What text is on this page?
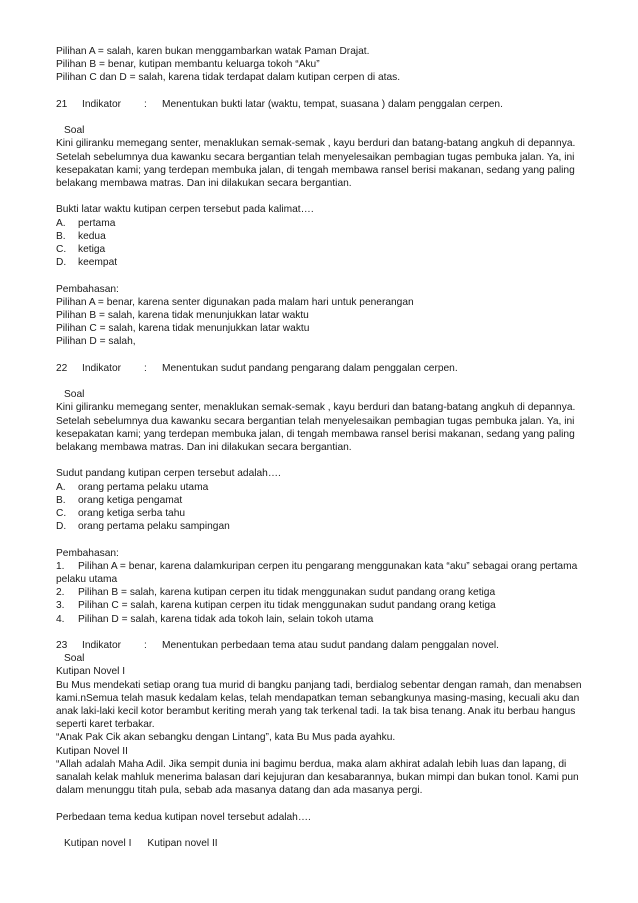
Pilihan A = salah, karen bukan menggambarkan watak Paman Drajat.
Pilihan B = benar, kutipan membantu keluarga tokoh “Aku”
Pilihan C dan D = salah, karena tidak terdapat dalam kutipan cerpen di atas.
21	Indikator	:	Menentukan bukti latar (waktu, tempat, suasana ) dalam penggalan cerpen.
Soal
Kini giliranku memegang senter, menaklukan semak-semak , kayu berduri dan batang-batang angkuh di depannya.
Setelah sebelumnya dua kawanku secara bergantian telah menyelesaikan pembagian tugas pembuka jalan. Ya, ini
kesepakatan kami; yang terdepan membuka jalan, di tengah membawa ransel berisi makanan, sedang yang paling
belakang membawa matras. Dan ini dilakukan secara bergantian.
Bukti latar waktu kutipan cerpen tersebut pada kalimat….
A.	pertama
B.	kedua
C.	ketiga
D.	keempat
Pembahasan:
Pilihan A = benar, karena senter digunakan pada malam hari untuk penerangan
Pilihan B = salah, karena tidak menunjukkan latar waktu
Pilihan C = salah, karena tidak menunjukkan latar waktu
Pilihan D = salah,
22	Indikator	:	Menentukan sudut pandang pengarang dalam penggalan cerpen.
Soal
Kini giliranku memegang senter, menaklukan semak-semak , kayu berduri dan batang-batang angkuh di depannya.
Setelah sebelumnya dua kawanku secara bergantian telah menyelesaikan pembagian tugas pembuka jalan. Ya, ini
kesepakatan kami; yang terdepan membuka jalan, di tengah membawa ransel berisi makanan, sedang yang paling
belakang membawa matras. Dan ini dilakukan secara bergantian.
Sudut pandang kutipan cerpen tersebut adalah….
A.	orang pertama pelaku utama
B.	orang ketiga pengamat
C.	orang ketiga serba tahu
D.	orang pertama pelaku sampingan
Pembahasan:
1.	Pilihan A = benar, karena dalamkuripan cerpen itu pengarang menggunakan kata “aku” sebagai orang pertama
pelaku utama
2.	Pilihan B = salah, karena kutipan cerpen itu tidak menggunakan sudut pandang orang ketiga
3.	Pilihan C = salah, karena kutipan cerpen itu tidak menggunakan sudut pandang orang ketiga
4.	Pilihan D = salah, karena tidak ada tokoh lain, selain tokoh utama
23	Indikator	:	Menentukan perbedaan tema atau sudut pandang dalam penggalan novel.
Soal
Kutipan Novel I
Bu Mus mendekati setiap orang tua murid di bangku panjang tadi, berdialog sebentar dengan ramah, dan menabsen
kami.nSemua telah masuk kedalam kelas, telah mendapatkan teman sebangkunya masing-masing, kecuali aku dan
anak laki-laki kecil kotor berambut keriting merah yang tak terkenal tadi. Ia tak bisa tenang. Anak itu berbau hangus
seperti karet terbakar.
“Anak Pak Cik akan sebangku dengan Lintang”, kata Bu Mus pada ayahku.
Kutipan Novel II
“Allah adalah Maha Adil. Jika sempit dunia ini bagimu berdua, maka alam akhirat adalah lebih luas dan lapang, di
sanalah kelak mahluk menerima balasan dari kejujuran dan kesabarannya, bukan mimpi dan bukan tonol. Kami pun
dalam menunggu titah pula, sebab ada masanya datang dan ada masanya pergi.
Perbedaan tema kedua kutipan novel tersebut adalah….
Kutipan novel I Kutipan novel II
